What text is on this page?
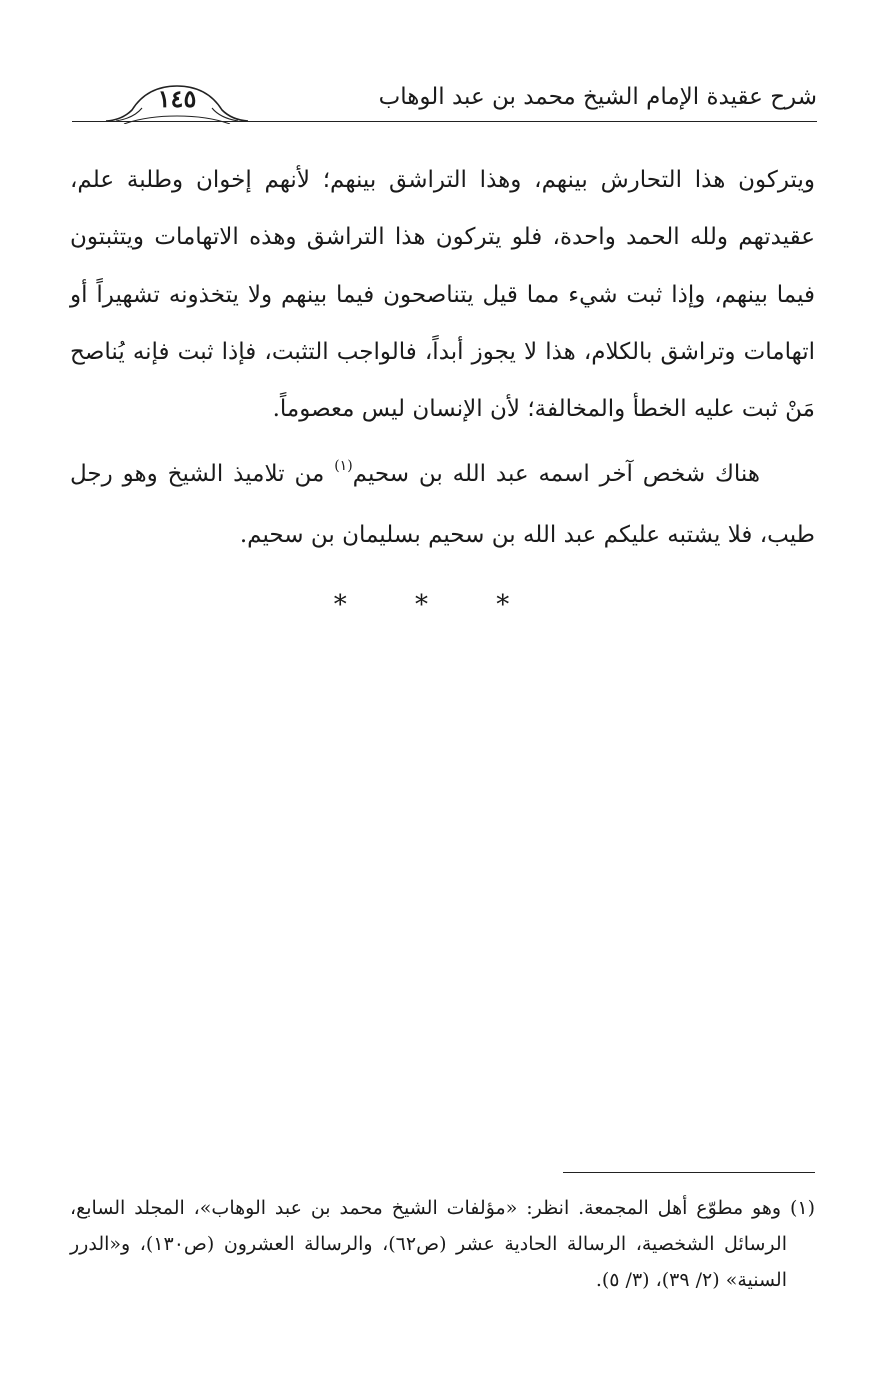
شرح عقيدة الإمام الشيخ محمد بن عبد الوهاب
١٤٥

ويتركون هذا التحارش بينهم، وهذا التراشق بينهم؛ لأنهم إخوان وطلبة علم، عقيدتهم ولله الحمد واحدة، فلو يتركون هذا التراشق وهذه الاتهامات ويتثبتون فيما بينهم، وإذا ثبت شيء مما قيل يتناصحون فيما بينهم ولا يتخذونه تشهيراً أو اتهامات وتراشق بالكلام، هذا لا يجوز أبداً، فالواجب التثبت، فإذا ثبت فإنه يُناصح مَنْ ثبت عليه الخطأ والمخالفة؛ لأن الإنسان ليس معصوماً.

هناك شخص آخر اسمه عبد الله بن سحيم$^{(١)}$ من تلاميذ الشيخ وهو رجل طيب، فلا يشتبه عليكم عبد الله بن سحيم بسليمان بن سحيم.

* * *

(١) وهو مطوّع أهل المجمعة. انظر: «مؤلفات الشيخ محمد بن عبد الوهاب»، المجلد السابع، الرسائل الشخصية، الرسالة الحادية عشر (ص٦٢)، والرسالة العشرون (ص١٣٠)، و«الدرر السنية» (٢/ ٣٩)، (٣/ ٥).
